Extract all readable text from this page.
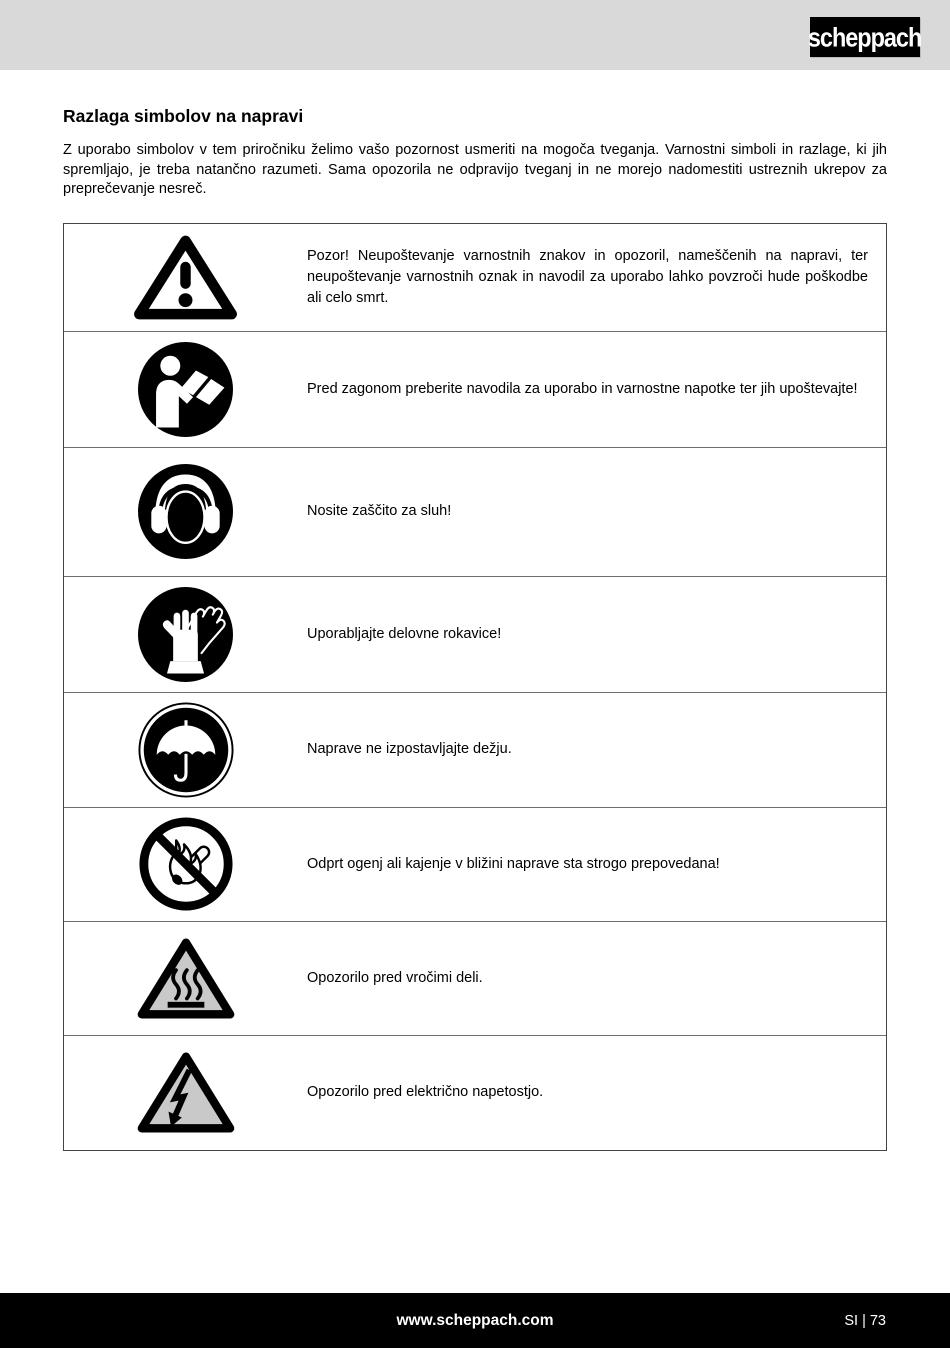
scheppach
Razlaga simbolov na napravi
Z uporabo simbolov v tem priročniku želimo vašo pozornost usmeriti na mogoča tveganja. Varnostni simboli in razlage, ki jih spremljajo, je treba natančno razumeti. Sama opozorila ne odpravijo tveganj in ne morejo nadomestiti ustreznih ukrepov za preprečevanje nesreč.
Pozor! Neupoštevanje varnostnih znakov in opozoril, nameščenih na napravi, ter neupoštevanje varnostnih oznak in navodil za uporabo lahko povzroči hude poškodbe ali celo smrt.
Pred zagonom preberite navodila za uporabo in varnostne napotke ter jih upoštevajte!
Nosite zaščito za sluh!
Uporabljajte delovne rokavice!
Naprave ne izpostavljajte dežju.
Odprt ogenj ali kajenje v bližini naprave sta strogo prepovedana!
Opozorilo pred vročimi deli.
Opozorilo pred električno napetostjo.
www.scheppach.com	SI | 73
